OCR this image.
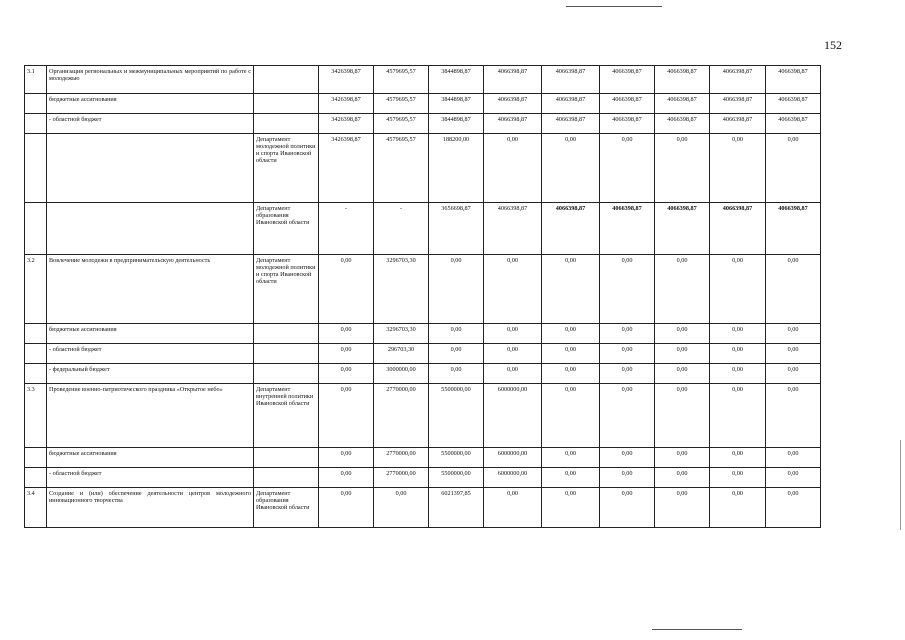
152
3.1	Организация региональных и межмуниципальных мероприятий по работе с молодежью		3426398,87	4579695,57	3844898,87	4066398,87	4066398,87	4066398,87	4066398,87	4066398,87	4066398,87
	бюджетные ассигнования		3426398,87	4579695,57	3844898,87	4066398,87	4066398,87	4066398,87	4066398,87	4066398,87	4066398,87
	- областной бюджет		3426398,87	4579695,57	3844898,87	4066398,87	4066398,87	4066398,87	4066398,87	4066398,87	4066398,87
		Департамент молодежной политики и спорта Ивановской области	3426398,87	4579695,57	188200,00	0,00	0,00	0,00	0,00	0,00	0,00
		Департамент образования Ивановской области	-	-	3656698,87	4066398,87	4066398,87	4066398,87	4066398,87	4066398,87	4066398,87
3.2	Вовлечение молодежи в предпринимательскую деятельность	Департамент молодежной политики и спорта Ивановской области	0,00	3296703,30	0,00	0,00	0,00	0,00	0,00	0,00	0,00
	бюджетные ассигнования		0,00	3296703,30	0,00	0,00	0,00	0,00	0,00	0,00	0,00
	- областной бюджет		0,00	296703,30	0,00	0,00	0,00	0,00	0,00	0,00	0,00
	- федеральный бюджет		0,00	3000000,00	0,00	0,00	0,00	0,00	0,00	0,00	0,00
3.3	Проведение военно-патриотического праздника «Открытое небо»	Департамент внутренней политики Ивановской области	0,00	2770000,00	5500000,00	6000000,00	0,00	0,00	0,00	0,00	0,00
	бюджетные ассигнования		0,00	2770000,00	5500000,00	6000000,00	0,00	0,00	0,00	0,00	0,00
	- областной бюджет		0,00	2770000,00	5500000,00	6000000,00	0,00	0,00	0,00	0,00	0,00
3.4	Создание и (или) обеспечение деятельности центров молодежного инновационного творчества	Департамент образования Ивановской области	0,00	0,00	6021397,85	0,00	0,00	0,00	0,00	0,00	0,00
